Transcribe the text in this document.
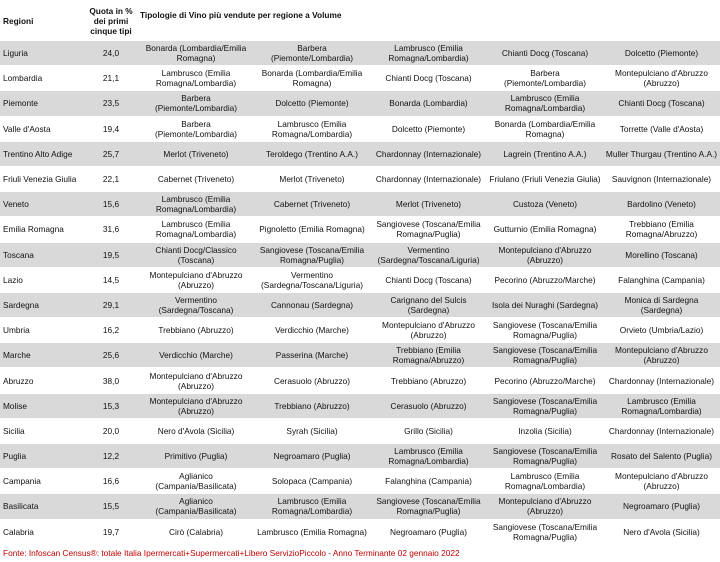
Regioni	Quota in % dei primi cinque tipi	Tipologie di Vino più vendute per regione a Volume				
Liguria	24,0	Bonarda (Lombardia/Emilia Romagna)	Barbera (Piemonte/Lombardia)	Lambrusco (Emilia Romagna/Lombardia)	Chianti Docg (Toscana)	Dolcetto (Piemonte)
Lombardia	21,1	Lambrusco (Emilia Romagna/Lombardia)	Bonarda (Lombardia/Emilia Romagna)	Chianti Docg (Toscana)	Barbera (Piemonte/Lombardia)	Montepulciano d'Abruzzo (Abruzzo)
Piemonte	23,5	Barbera (Piemonte/Lombardia)	Dolcetto (Piemonte)	Bonarda (Lombardia)	Lambrusco (Emilia Romagna/Lombardia)	Chianti Docg (Toscana)
Valle d'Aosta	19,4	Barbera (Piemonte/Lombardia)	Lambrusco (Emilia Romagna/Lombardia)	Dolcetto (Piemonte)	Bonarda (Lombardia/Emilia Romagna)	Torrette (Valle d'Aosta)
Trentino Alto Adige	25,7	Merlot (Triveneto)	Teroldego (Trentino A.A.)	Chardonnay (Internazionale)	Lagrein (Trentino A.A.)	Muller Thurgau (Trentino A.A.)
Friuli Venezia Giulia	22,1	Cabernet (Triveneto)	Merlot (Triveneto)	Chardonnay (Internazionale)	Friulano (Friuli Venezia Giulia)	Sauvignon (Internazionale)
Veneto	15,6	Lambrusco (Emilia Romagna/Lombardia)	Cabernet (Triveneto)	Merlot (Triveneto)	Custoza (Veneto)	Bardolino (Veneto)
Emilia Romagna	31,6	Lambrusco (Emilia Romagna/Lombardia)	Pignoletto (Emilia Romagna)	Sangiovese (Toscana/Emilia Romagna/Puglia)	Gutturnio (Emilia Romagna)	Trebbiano (Emilia Romagna/Abruzzo)
Toscana	19,5	Chianti Docg/Classico (Toscana)	Sangiovese (Toscana/Emilia Romagna/Puglia)	Vermentino (Sardegna/Toscana/Liguria)	Montepulciano d'Abruzzo (Abruzzo)	Morellino (Toscana)
Lazio	14,5	Montepulciano d'Abruzzo (Abruzzo)	Vermentino (Sardegna/Toscana/Liguria)	Chianti Docg (Toscana)	Pecorino (Abruzzo/Marche)	Falanghina (Campania)
Sardegna	29,1	Vermentino (Sardegna/Toscana)	Cannonau (Sardegna)	Carignano del Sulcis (Sardegna)	Isola dei Nuraghi (Sardegna)	Monica di Sardegna (Sardegna)
Umbria	16,2	Trebbiano (Abruzzo)	Verdicchio (Marche)	Montepulciano d'Abruzzo (Abruzzo)	Sangiovese (Toscana/Emilia Romagna/Puglia)	Orvieto (Umbria/Lazio)
Marche	25,6	Verdicchio (Marche)	Passerina (Marche)	Trebbiano (Emilia Romagna/Abruzzo)	Sangiovese (Toscana/Emilia Romagna/Puglia)	Montepulciano d'Abruzzo (Abruzzo)
Abruzzo	38,0	Montepulciano d'Abruzzo (Abruzzo)	Cerasuolo (Abruzzo)	Trebbiano (Abruzzo)	Pecorino (Abruzzo/Marche)	Chardonnay (Internazionale)
Molise	15,3	Montepulciano d'Abruzzo (Abruzzo)	Trebbiano (Abruzzo)	Cerasuolo (Abruzzo)	Sangiovese (Toscana/Emilia Romagna/Puglia)	Lambrusco (Emilia Romagna/Lombardia)
Sicilia	20,0	Nero d'Avola (Sicilia)	Syrah (Sicilia)	Grillo (Sicilia)	Inzolia (Sicilia)	Chardonnay (Internazionale)
Puglia	12,2	Primitivo (Puglia)	Negroamaro (Puglia)	Lambrusco (Emilia Romagna/Lombardia)	Sangiovese (Toscana/Emilia Romagna/Puglia)	Rosato del Salento (Puglia)
Campania	16,6	Aglianico (Campania/Basilicata)	Solopaca (Campania)	Falanghina (Campania)	Lambrusco (Emilia Romagna/Lombardia)	Montepulciano d'Abruzzo (Abruzzo)
Basilicata	15,5	Aglianico (Campania/Basilicata)	Lambrusco (Emilia Romagna/Lombardia)	Sangiovese (Toscana/Emilia Romagna/Puglia)	Montepulciano d'Abruzzo (Abruzzo)	Negroamaro (Puglia)
Calabria	19,7	Cirò (Calabria)	Lambrusco (Emilia Romagna)	Negroamaro (Puglia)	Sangiovese (Toscana/Emilia Romagna/Puglia)	Nero d'Avola (Sicilia)
Fonte: Infoscan Census®: totale Italia Ipermercati+Supermercati+Libero ServizioPiccolo - Anno Terminante 02 gennaio 2022
